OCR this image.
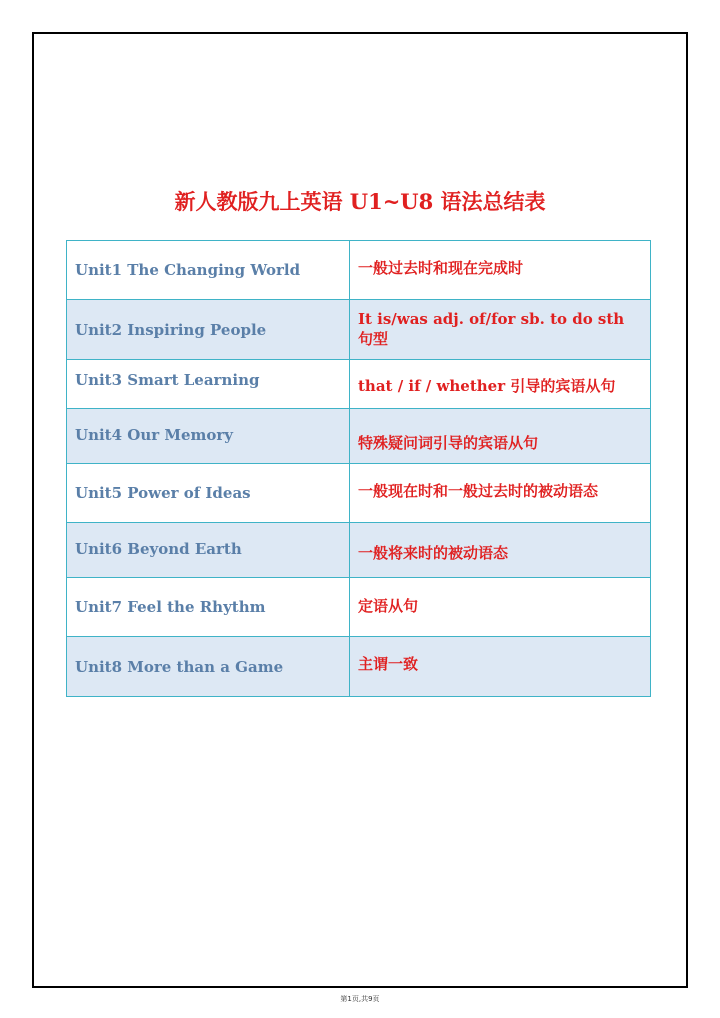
新人教版九上英语 U1~U8 语法总结表
Unit1 The Changing World	一般过去时和现在完成时
Unit2 Inspiring People	It is/was adj. of/for sb. to do sth 句型
Unit3 Smart Learning	that / if / whether 引导的宾语从句
Unit4 Our Memory	特殊疑问词引导的宾语从句
Unit5 Power of Ideas	一般现在时和一般过去时的被动语态
Unit6 Beyond Earth	一般将来时的被动语态
Unit7 Feel the Rhythm	定语从句
Unit8 More than a Game	主谓一致
第1页,共9页
